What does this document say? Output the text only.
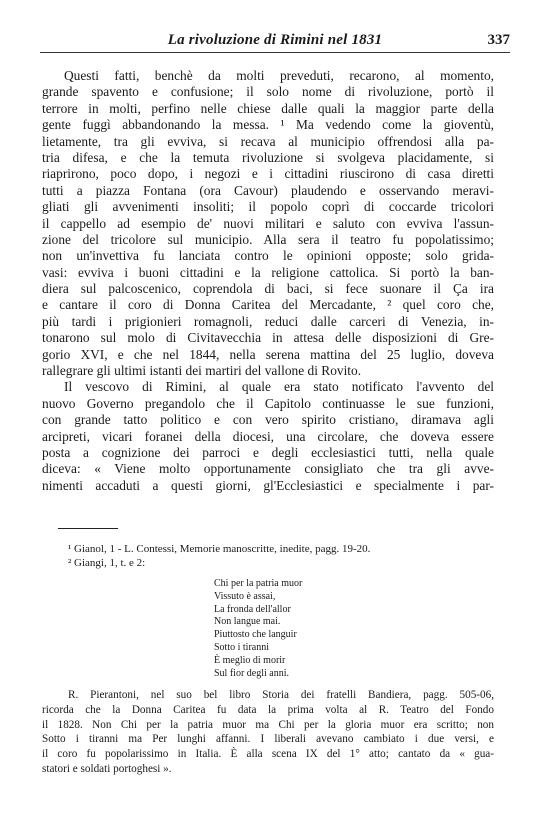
La rivoluzione di Rimini nel 1831	337
Questi fatti, benchè da molti preveduti, recarono, al momento,
grande spavento e confusione; il solo nome di rivoluzione, portò il
terrore in molti, perfino nelle chiese dalle quali la maggior parte della
gente fuggì abbandonando la messa. ¹ Ma vedendo come la gioventù,
lietamente, tra gli evviva, si recava al municipio offrendosi alla pa-
tria difesa, e che la temuta rivoluzione si svolgeva placidamente, si
riaprirono, poco dopo, i negozi e i cittadini riuscirono di casa diretti
tutti a piazza Fontana (ora Cavour) plaudendo e osservando meravi-
gliati gli avvenimenti insoliti; il popolo coprì di coccarde tricolori
il cappello ad esempio de' nuovi militari e saluto con evviva l'assun-
zione del tricolore sul municipio. Alla sera il teatro fu popolatissimo;
non un'invettiva fu lanciata contro le opinioni opposte; solo grida-
vasi: evviva i buoni cittadini e la religione cattolica. Si portò la ban-
diera sul palcoscenico, coprendola di baci, si fece suonare il Ça ira
e cantare il coro di Donna Caritea del Mercadante, ² quel coro che,
più tardi i prigionieri romagnoli, reduci dalle carceri di Venezia, in-
tonarono sul molo di Civitavecchia in attesa delle disposizioni di Gre-
gorio XVI, e che nel 1844, nella serena mattina del 25 luglio, doveva
rallegrare gli ultimi istanti dei martiri del vallone di Rovito.
Il vescovo di Rimini, al quale era stato notificato l'avvento del
nuovo Governo pregandolo che il Capitolo continuasse le sue funzioni,
con grande tatto politico e con vero spirito cristiano, diramava agli
arcipreti, vicari foranei della diocesi, una circolare, che doveva essere
posta a cognizione dei parroci e degli ecclesiastici tutti, nella quale
diceva: « Viene molto opportunamente consigliato che tra gli avve-
nimenti accaduti a questi giorni, gl'Ecclesiastici e specialmente i par-
¹ Gianol, 1 - L. Contessi, Memorie manoscritte, inedite, pagg. 19-20.
² Giangi, 1, t. e 2:
Chi per la patria muor
Vissuto è assai,
La fronda dell'allor
Non langue mai.
Piuttosto che languir
Sotto i tiranni
È meglio di morir
Sul fior degli anni.
R. Pierantoni, nel suo bel libro Storia dei fratelli Bandiera, pagg. 505-06,
ricorda che la Donna Caritea fu data la prima volta al R. Teatro del Fondo
il 1828. Non Chi per la patria muor ma Chi per la gloria muor era scritto; non
Sotto i tiranni ma Per lunghi affanni. I liberali avevano cambiato i due versi, e
il coro fu popolarissimo in Italia. È alla scena IX del 1° atto; cantato da « gua-
statori e soldati portoghesi ».
